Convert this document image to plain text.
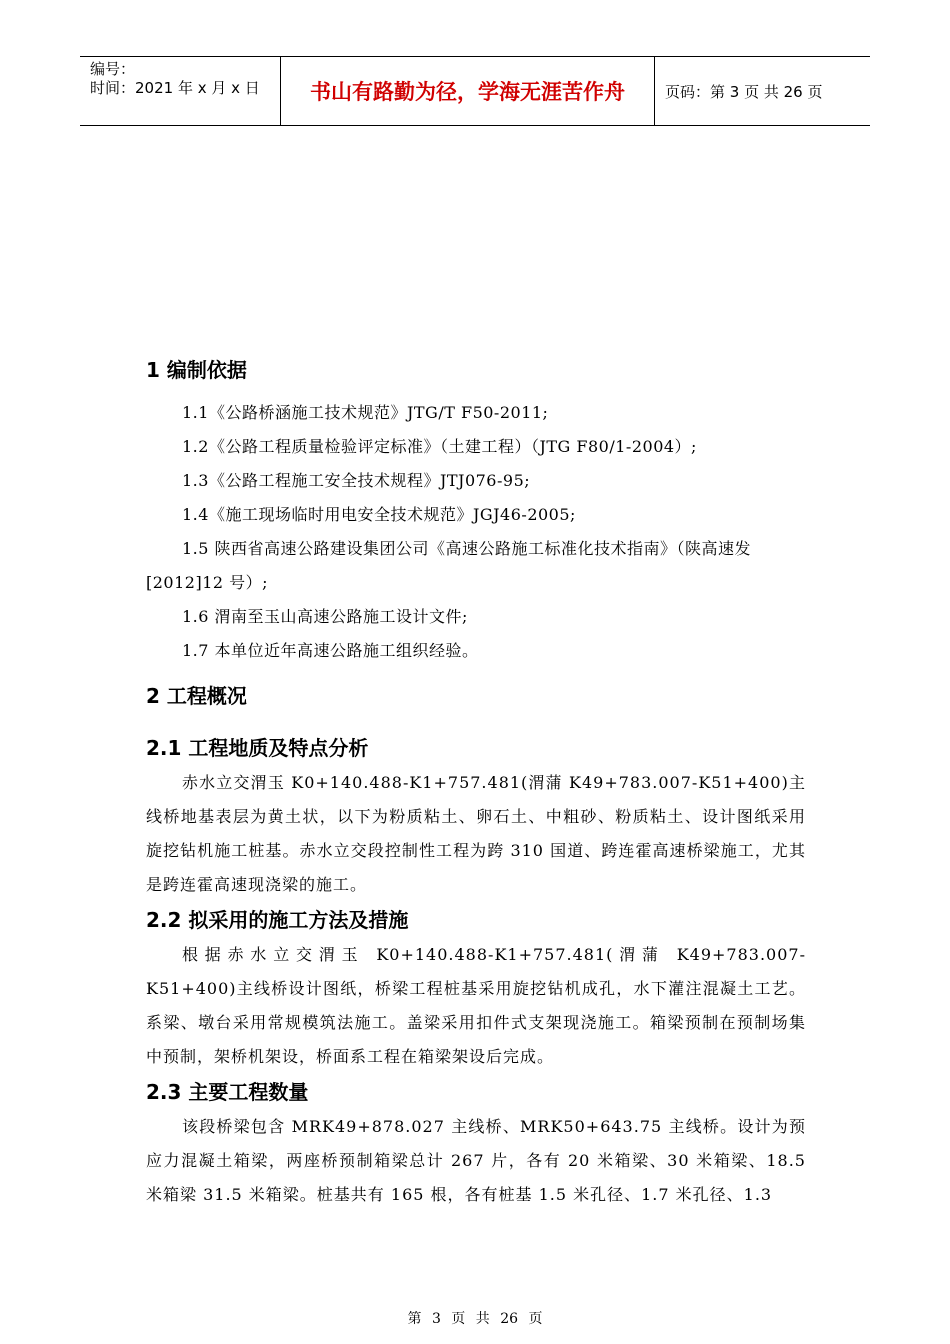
编号：
时间：2021 年 x 月 x 日	书山有路勤为径，学海无涯苦作舟	页码：第 3 页 共 26 页
1 编制依据

1.1《公路桥涵施工技术规范》JTG/T F50-2011;

1.2《公路工程质量检验评定标准》（土建工程）（JTG F80/1-2004）;

1.3《公路工程施工安全技术规程》JTJ076-95;

1.4《施工现场临时用电安全技术规范》JGJ46-2005;

1.5 陕西省高速公路建设集团公司《高速公路施工标准化技术指南》（陕高速发[2012]12 号）;

1.6 渭南至玉山高速公路施工设计文件;

1.7 本单位近年高速公路施工组织经验。

2 工程概况
2.1 工程地质及特点分析

赤水立交渭玉 K0+140.488-K1+757.481(渭蒲 K49+783.007-K51+400)主线桥地基表层为黄土状，以下为粉质粘土、卵石土、中粗砂、粉质粘土、设计图纸采用旋挖钻机施工桩基。赤水立交段控制性工程为跨 310 国道、跨连霍高速桥梁施工，尤其是跨连霍高速现浇梁的施工。

2.2 拟采用的施工方法及措施

根据赤水立交渭玉 K0+140.488-K1+757.481(渭蒲 K49+783.007-K51+400)主线桥设计图纸，桥梁工程桩基采用旋挖钻机成孔，水下灌注混凝土工艺。系梁、墩台采用常规模筑法施工。盖梁采用扣件式支架现浇施工。箱梁预制在预制场集中预制，架桥机架设，桥面系工程在箱梁架设后完成。

2.3 主要工程数量

该段桥梁包含 MRK49+878.027 主线桥、MRK50+643.75 主线桥。设计为预应力混凝土箱梁，两座桥预制箱梁总计 267 片，各有 20 米箱梁、30 米箱梁、18.5 米箱梁 31.5 米箱梁。桩基共有 165 根，各有桩基 1.5 米孔径、1.7 米孔径、1.3

第 3 页 共 26 页
